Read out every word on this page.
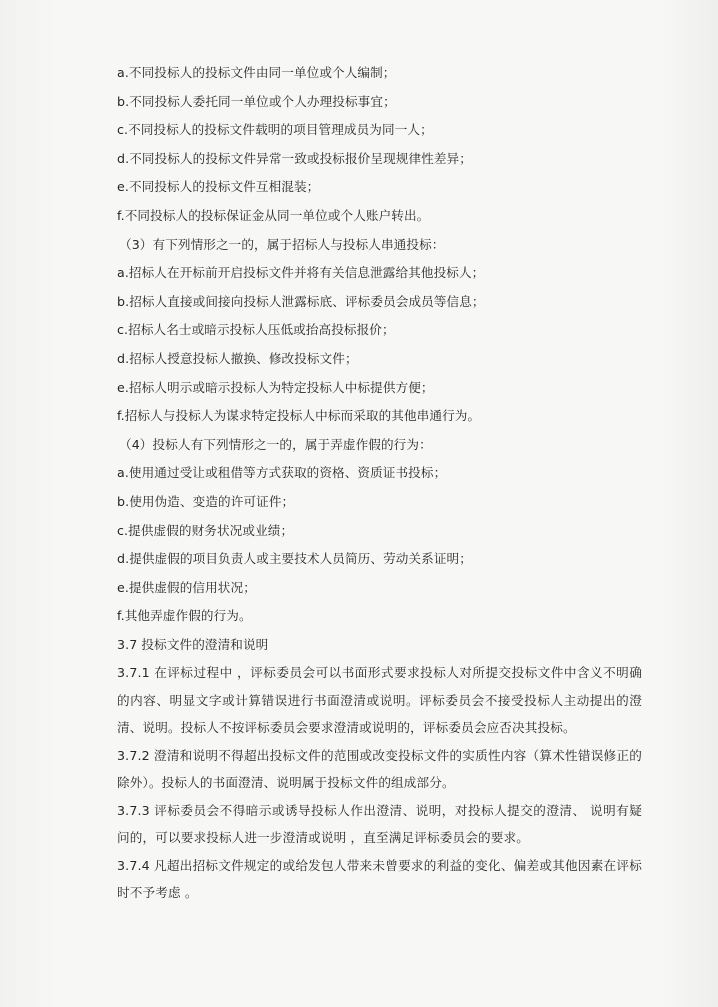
a.不同投标人的投标文件由同一单位或个人编制；
b.不同投标人委托同一单位或个人办理投标事宜；
c.不同投标人的投标文件载明的项目管理成员为同一人；
d.不同投标人的投标文件异常一致或投标报价呈现规律性差异；
e.不同投标人的投标文件互相混装；
f.不同投标人的投标保证金从同一单位或个人账户转出。
（3）有下列情形之一的，属于招标人与投标人串通投标：
a.招标人在开标前开启投标文件并将有关信息泄露给其他投标人；
b.招标人直接或间接向投标人泄露标底、评标委员会成员等信息；
c.招标人名士或暗示投标人压低或抬高投标报价；
d.招标人授意投标人撤换、修改投标文件；
e.招标人明示或暗示投标人为特定投标人中标提供方便；
f.招标人与投标人为谋求特定投标人中标而采取的其他串通行为。
（4）投标人有下列情形之一的，属于弄虚作假的行为：
a.使用通过受让或租借等方式获取的资格、资质证书投标；
b.使用伪造、变造的许可证件；
c.提供虚假的财务状况或业绩；
d.提供虚假的项目负责人或主要技术人员简历、劳动关系证明；
e.提供虚假的信用状况；
f.其他弄虚作假的行为。
3.7 投标文件的澄清和说明
3.7.1 在评标过程中 ，评标委员会可以书面形式要求投标人对所提交投标文件中含义不明确的内容、明显文字或计算错误进行书面澄清或说明。评标委员会不接受投标人主动提出的澄清、说明。投标人不按评标委员会要求澄清或说明的，评标委员会应否决其投标。
3.7.2 澄清和说明不得超出投标文件的范围或改变投标文件的实质性内容（算术性错误修正的除外）。投标人的书面澄清、说明属于投标文件的组成部分。
3.7.3 评标委员会不得暗示或诱导投标人作出澄清、说明，对投标人提交的澄清、 说明有疑问的，可以要求投标人进一步澄清或说明 ，直至满足评标委员会的要求。
3.7.4 凡超出招标文件规定的或给发包人带来未曾要求的利益的变化、偏差或其他因素在评标时不予考虑 。
